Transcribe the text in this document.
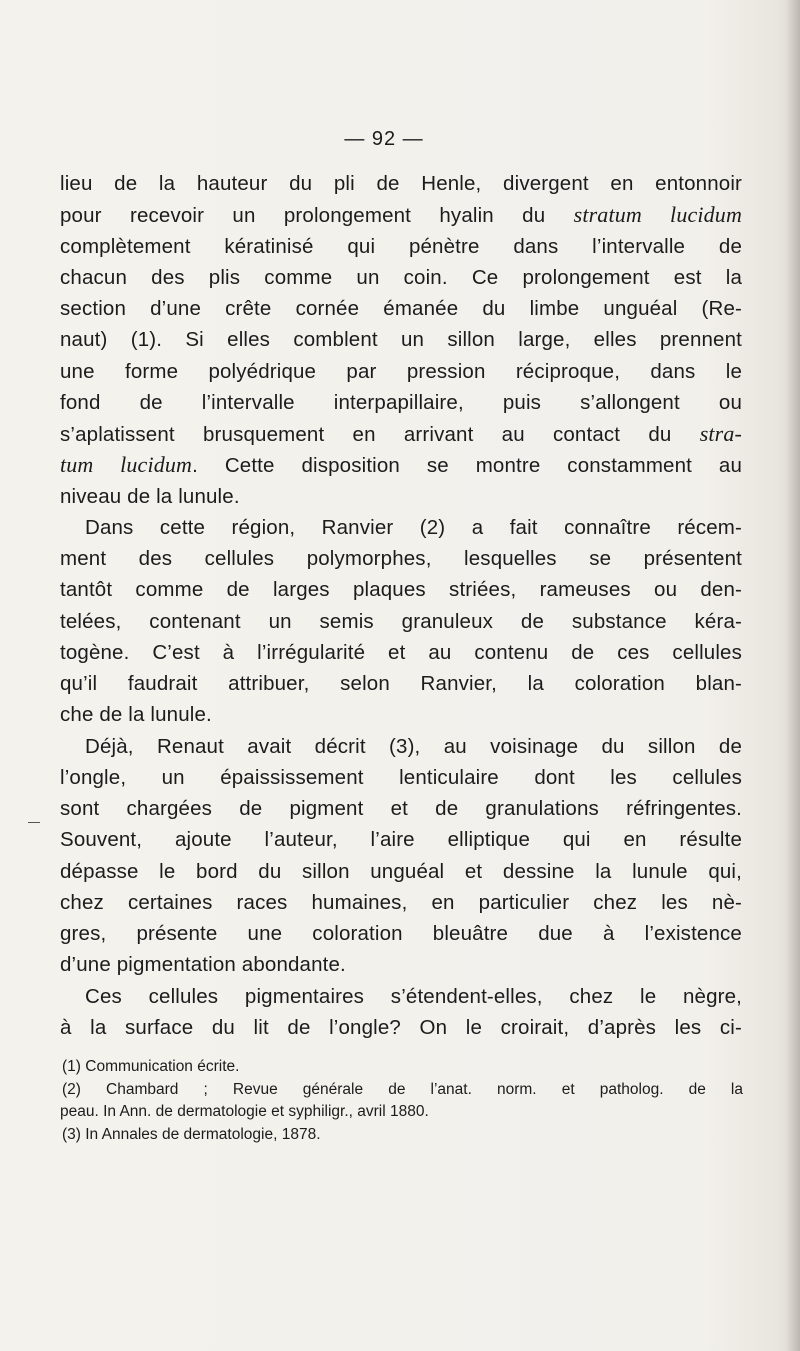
— 92 —
lieu de la hauteur du pli de Henle, divergent en entonnoir
pour recevoir un prolongement hyalin du stratum lucidum
complètement kératinisé qui pénètre dans l’intervalle de
chacun des plis comme un coin. Ce prolongement est la
section d’une crête cornée émanée du limbe unguéal (Re-
naut) (1). Si elles comblent un sillon large, elles prennent
une forme polyédrique par pression réciproque, dans le
fond de l’intervalle interpapillaire, puis s’allongent ou
s’aplatissent brusquement en arrivant au contact du stra-
tum lucidum. Cette disposition se montre constamment au
niveau de la lunule.
Dans cette région, Ranvier (2) a fait connaître récem-
ment des cellules polymorphes, lesquelles se présentent
tantôt comme de larges plaques striées, rameuses ou den-
telées, contenant un semis granuleux de substance kéra-
togène. C’est à l’irrégularité et au contenu de ces cellules
qu’il faudrait attribuer, selon Ranvier, la coloration blan-
che de la lunule.
Déjà, Renaut avait décrit (3), au voisinage du sillon de
l’ongle, un épaississement lenticulaire dont les cellules
sont chargées de pigment et de granulations réfringentes.
Souvent, ajoute l’auteur, l’aire elliptique qui en résulte
dépasse le bord du sillon unguéal et dessine la lunule qui,
chez certaines races humaines, en particulier chez les nè-
gres, présente une coloration bleuâtre due à l’existence
d’une pigmentation abondante.
Ces cellules pigmentaires s’étendent-elles, chez le nègre,
à la surface du lit de l’ongle? On le croirait, d’après les ci-
(1) Communication écrite.
(2) Chambard ; Revue générale de l’anat. norm. et patholog. de la
peau. In Ann. de dermatologie et syphiligr., avril 1880.
(3) In Annales de dermatologie, 1878.
